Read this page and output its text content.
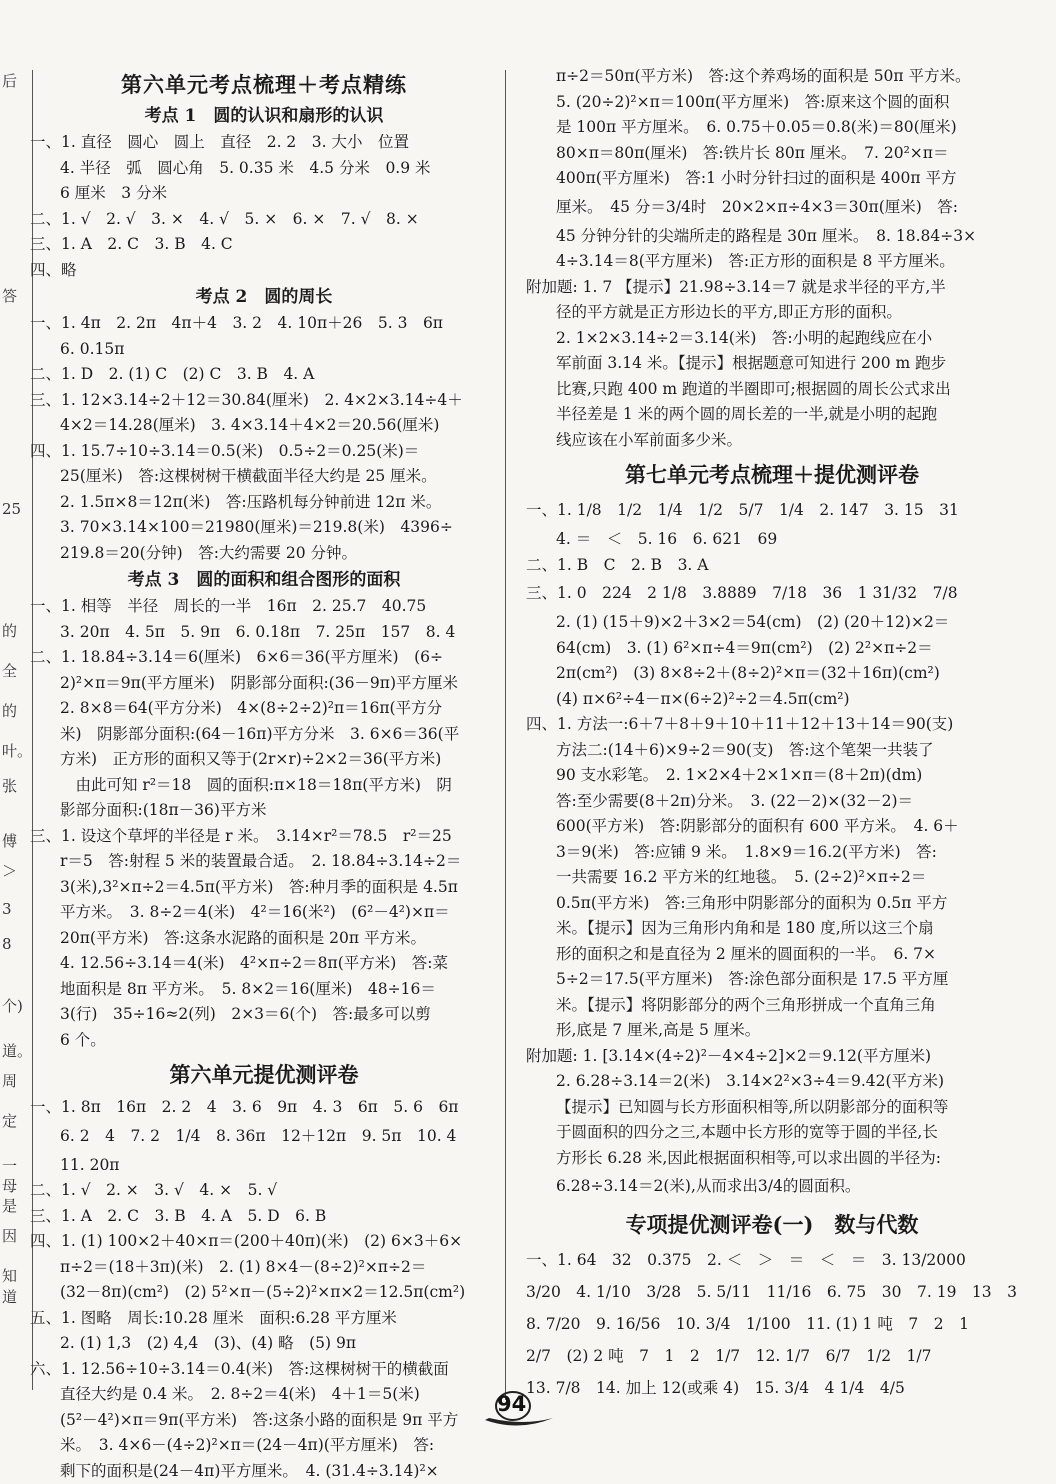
后
答
25
的
全
的
叶。
张
傅
＞
3
8
个)
道。
周
定
一
母
是
因
知道
第六单元考点梳理＋考点精练
考点 1　圆的认识和扇形的认识

一、1. 直径　圆心　圆上　直径　2. 2　3. 大小　位置

4. 半径　弧　圆心角　5. 0.35 米　4.5 分米　0.9 米

6 厘米　3 分米

二、1. √　2. √　3. ×　4. √　5. ×　6. ×　7. √　8. ×

三、1. A　2. C　3. B　4. C

四、略

考点 2　圆的周长

一、1. 4π　2. 2π　4π＋4　3. 2　4. 10π＋26　5. 3　6π

6. 0.15π

二、1. D　2. (1) C　(2) C　3. B　4. A

三、1. 12×3.14÷2＋12＝30.84(厘米)　2. 4×2×3.14÷4＋

4×2＝14.28(厘米)　3. 4×3.14＋4×2＝20.56(厘米)

四、1. 15.7÷10÷3.14＝0.5(米)　0.5÷2＝0.25(米)＝

25(厘米)　答:这棵树树干横截面半径大约是 25 厘米。

2. 1.5π×8＝12π(米)　答:压路机每分钟前进 12π 米。

3. 70×3.14×100＝21980(厘米)＝219.8(米)　4396÷

219.8＝20(分钟)　答:大约需要 20 分钟。

考点 3　圆的面积和组合图形的面积

一、1. 相等　半径　周长的一半　16π　2. 25.7　40.75

3. 20π　4. 5π　5. 9π　6. 0.18π　7. 25π　157　8. 4

二、1. 18.84÷3.14＝6(厘米)　6×6＝36(平方厘米)　(6÷

2)²×π＝9π(平方厘米)　阴影部分面积:(36－9π)平方厘米

2. 8×8＝64(平方分米)　4×(8÷2÷2)²π＝16π(平方分

米)　阴影部分面积:(64－16π)平方分米　3. 6×6＝36(平

方米)　正方形的面积又等于(2r×r)÷2×2＝36(平方米)

　由此可知 r²＝18　圆的面积:π×18＝18π(平方米)　阴

影部分面积:(18π－36)平方米

三、1. 设这个草坪的半径是 r 米。　3.14×r²＝78.5　r²＝25

r＝5　答:射程 5 米的装置最合适。　2. 18.84÷3.14÷2＝

3(米),3²×π÷2＝4.5π(平方米)　答:种月季的面积是 4.5π

平方米。　3. 8÷2＝4(米)　4²＝16(米²)　(6²－4²)×π＝

20π(平方米)　答:这条水泥路的面积是 20π 平方米。

4. 12.56÷3.14＝4(米)　4²×π÷2＝8π(平方米)　答:菜

地面积是 8π 平方米。　5. 8×2＝16(厘米)　48÷16＝

3(行)　35÷16≈2(列)　2×3＝6(个)　答:最多可以剪

6 个。

第六单元提优测评卷

一、1. 8π　16π　2. 2　4　3. 6　9π　4. 3　6π　5. 6　6π

6. 2　4　7. 2　1/4　8. 36π　12＋12π　9. 5π　10. 4

11. 20π

二、1. √　2. ×　3. √　4. ×　5. √

三、1. A　2. C　3. B　4. A　5. D　6. B

四、1. (1) 100×2＋40×π＝(200＋40π)(米)　(2) 6×3＋6×

π÷2＝(18＋3π)(米)　2. (1) 8×4－(8÷2)²×π÷2＝

(32－8π)(cm²)　(2) 5²×π－(5÷2)²×π×2＝12.5π(cm²)

五、1. 图略　周长:10.28 厘米　面积:6.28 平方厘米

2. (1) 1,3　(2) 4,4　(3)、(4) 略　(5) 9π

六、1. 12.56÷10÷3.14＝0.4(米)　答:这棵树树干的横截面

直径大约是 0.4 米。　2. 8÷2＝4(米)　4＋1＝5(米)

(5²－4²)×π＝9π(平方米)　答:这条小路的面积是 9π 平方

米。　3. 4×6－(4÷2)²×π＝(24－4π)(平方厘米)　答:

剩下的面积是(24－4π)平方厘米。　4. (31.4÷3.14)²×

π÷2＝50π(平方米)　答:这个养鸡场的面积是 50π 平方米。

5. (20÷2)²×π＝100π(平方厘米)　答:原来这个圆的面积

是 100π 平方厘米。　6. 0.75＋0.05＝0.8(米)＝80(厘米)

80×π＝80π(厘米)　答:铁片长 80π 厘米。　7. 20²×π＝

400π(平方厘米)　答:1 小时分针扫过的面积是 400π 平方

厘米。　45 分＝3/4时　20×2×π÷4×3＝30π(厘米)　答:

45 分钟分针的尖端所走的路程是 30π 厘米。　8. 18.84÷3×

4÷3.14＝8(平方厘米)　答:正方形的面积是 8 平方厘米。

附加题: 1. 7 【提示】21.98÷3.14＝7 就是求半径的平方,半

径的平方就是正方形边长的平方,即正方形的面积。

2. 1×2×3.14÷2＝3.14(米)　答:小明的起跑线应在小

军前面 3.14 米。【提示】根据题意可知进行 200 m 跑步

比赛,只跑 400 m 跑道的半圈即可;根据圆的周长公式求出

半径差是 1 米的两个圆的周长差的一半,就是小明的起跑

线应该在小军前面多少米。

第七单元考点梳理＋提优测评卷

一、1. 1/8　1/2　1/4　1/2　5/7　1/4　2. 147　3. 15　31

4. ＝　＜　5. 16　6. 621　69

二、1. B　C　2. B　3. A

三、1. 0　224　2 1/8　3.8889　7/18　36　1 31/32　7/8

2. (1) (15＋9)×2＋3×2＝54(cm)　(2) (20＋12)×2＝

64(cm)　3. (1) 6²×π÷4＝9π(cm²)　(2) 2²×π÷2＝

2π(cm²)　(3) 8×8÷2＋(8÷2)²×π＝(32＋16π)(cm²)

(4) π×6²÷4－π×(6÷2)²÷2＝4.5π(cm²)

四、1. 方法一:6＋7＋8＋9＋10＋11＋12＋13＋14＝90(支)

方法二:(14＋6)×9÷2＝90(支)　答:这个笔架一共装了

90 支水彩笔。　2. 1×2×4＋2×1×π＝(8＋2π)(dm)

答:至少需要(8＋2π)分米。　3. (22－2)×(32－2)＝

600(平方米)　答:阴影部分的面积有 600 平方米。　4. 6＋

3＝9(米)　答:应铺 9 米。　1.8×9＝16.2(平方米)　答:

一共需要 16.2 平方米的红地毯。　5. (2÷2)²×π÷2＝

0.5π(平方米)　答:三角形中阴影部分的面积为 0.5π 平方

米。【提示】因为三角形内角和是 180 度,所以这三个扇

形的面积之和是直径为 2 厘米的圆面积的一半。　6. 7×

5÷2＝17.5(平方厘米)　答:涂色部分面积是 17.5 平方厘

米。【提示】将阴影部分的两个三角形拼成一个直角三角

形,底是 7 厘米,高是 5 厘米。

附加题: 1. [3.14×(4÷2)²－4×4÷2]×2＝9.12(平方厘米)

2. 6.28÷3.14＝2(米)　3.14×2²×3÷4＝9.42(平方米)

【提示】已知圆与长方形面积相等,所以阴影部分的面积等

于圆面积的四分之三,本题中长方形的宽等于圆的半径,长

方形长 6.28 米,因此根据面积相等,可以求出圆的半径为:

6.28÷3.14＝2(米),从而求出3/4的圆面积。

专项提优测评卷(一)　数与代数

一、1. 64　32　0.375　2. ＜　＞　＝　＜　＝　3. 13/2000

3/20　4. 1/10　3/28　5. 5/11　11/16　6. 75　30　7. 19　13　3

8. 7/20　9. 16/56　10. 3/4　1/100　11. (1) 1 吨　7　2　1

2/7　(2) 2 吨　7　1　2　1/7　12. 1/7　6/7　1/2　1/7

13. 7/8　14. 加上 12(或乘 4)　15. 3/4　4 1/4　4/5

94
